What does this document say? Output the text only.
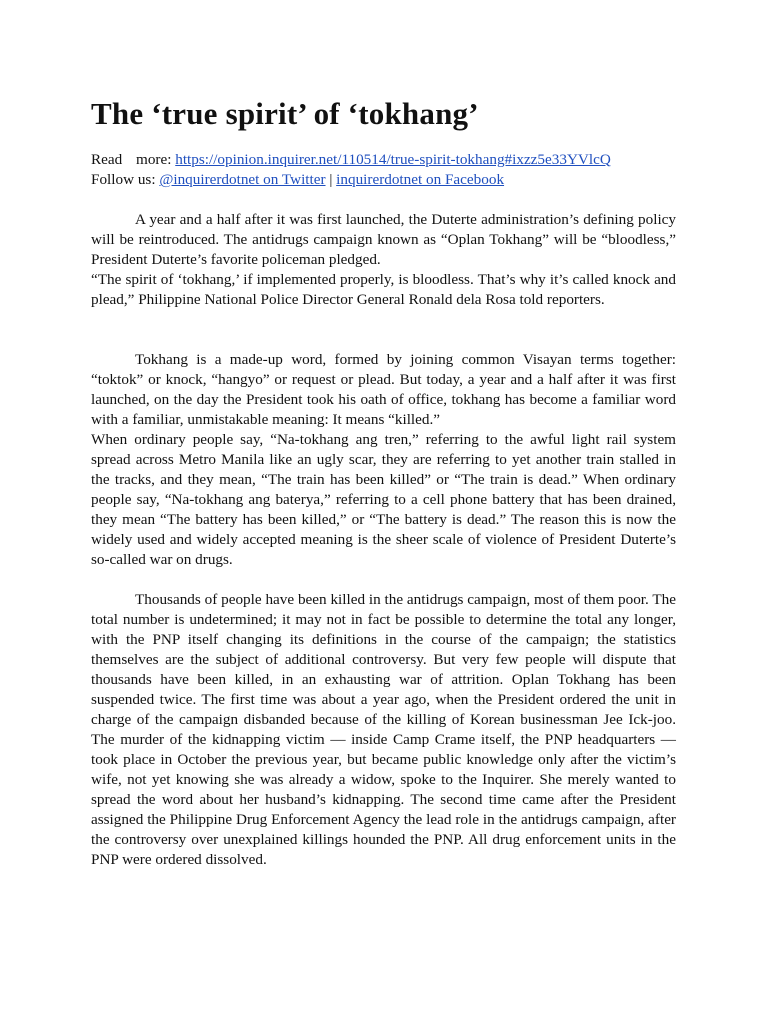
The ‘true spirit’ of ‘tokhang’
Read more: https://opinion.inquirer.net/110514/true-spirit-tokhang#ixzz5e33YVlcQ
Follow us: @inquirerdotnet on Twitter | inquirerdotnet on Facebook

A year and a half after it was first launched, the Duterte administration’s defining policy will be reintroduced. The antidrugs campaign known as “Oplan Tokhang” will be “bloodless,” President Duterte’s favorite policeman pledged.

“The spirit of ‘tokhang,’ if implemented properly, is bloodless. That’s why it’s called knock and plead,” Philippine National Police Director General Ronald dela Rosa told reporters.

Tokhang is a made-up word, formed by joining common Visayan terms together: “toktok” or knock, “hangyo” or request or plead. But today, a year and a half after it was first launched, on the day the President took his oath of office, tokhang has become a familiar word with a familiar, unmistakable meaning: It means “killed.”

When ordinary people say, “Na-tokhang ang tren,” referring to the awful light rail system spread across Metro Manila like an ugly scar, they are referring to yet another train stalled in the tracks, and they mean, “The train has been killed” or “The train is dead.” When ordinary people say, “Na-tokhang ang baterya,” referring to a cell phone battery that has been drained, they mean “The battery has been killed,” or “The battery is dead.” The reason this is now the widely used and widely accepted meaning is the sheer scale of violence of President Duterte’s so-called war on drugs.

Thousands of people have been killed in the antidrugs campaign, most of them poor. The total number is undetermined; it may not in fact be possible to determine the total any longer, with the PNP itself changing its definitions in the course of the campaign; the statistics themselves are the subject of additional controversy. But very few people will dispute that thousands have been killed, in an exhausting war of attrition. Oplan Tokhang has been suspended twice. The first time was about a year ago, when the President ordered the unit in charge of the campaign disbanded because of the killing of Korean businessman Jee Ick-joo. The murder of the kidnapping victim — inside Camp Crame itself, the PNP headquarters — took place in October the previous year, but became public knowledge only after the victim’s wife, not yet knowing she was already a widow, spoke to the Inquirer. She merely wanted to spread the word about her husband’s kidnapping. The second time came after the President assigned the Philippine Drug Enforcement Agency the lead role in the antidrugs campaign, after the controversy over unexplained killings hounded the PNP. All drug enforcement units in the PNP were ordered dissolved.
